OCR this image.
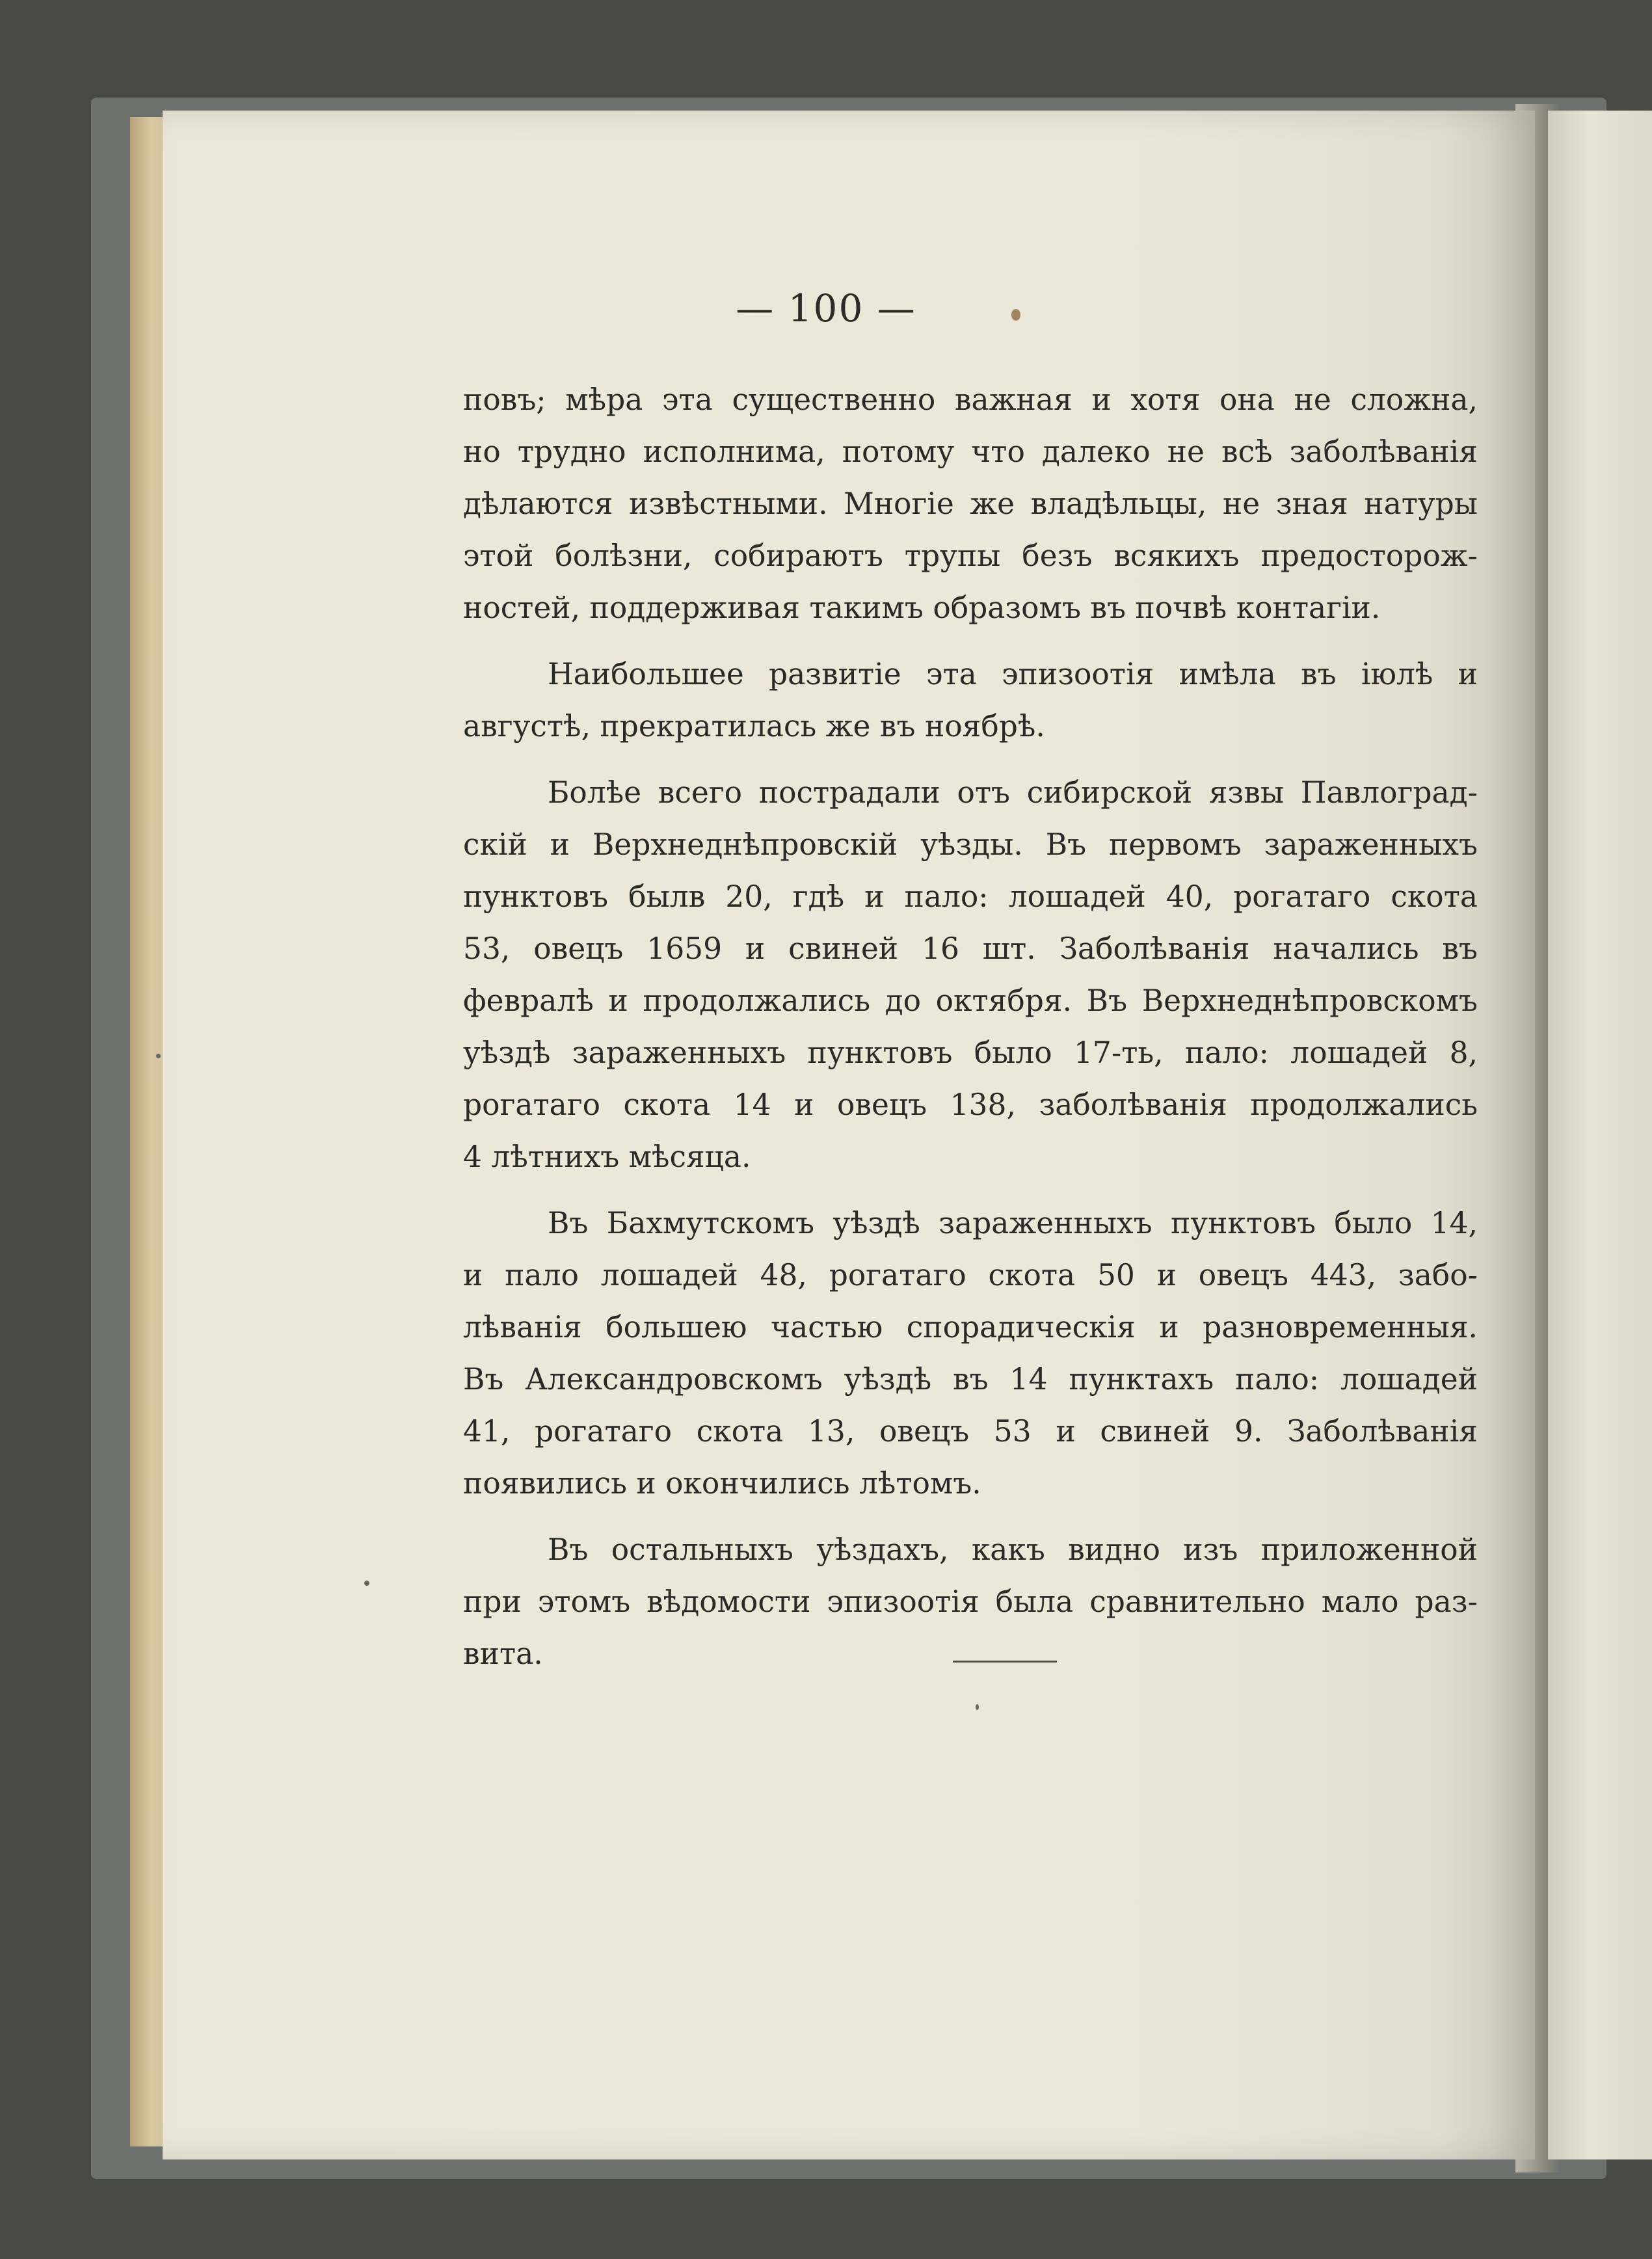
— 100 —

повъ; мѣра эта существенно важная и хотя она не сложна,
но трудно исполнима, потому что далеко не всѣ заболѣванія
дѣлаются извѣстными. Многіе же владѣльцы, не зная натуры
этой болѣзни, собираютъ трупы безъ всякихъ предосторож-
ностей, поддерживая такимъ образомъ въ почвѣ контагіи.

Наибольшее развитіе эта эпизоотія имѣла въ іюлѣ и
августѣ, прекратилась же въ ноябрѣ.

Болѣе всего пострадали отъ сибирской язвы Павлоград-
скій и Верхнеднѣпровскій уѣзды. Въ первомъ зараженныхъ
пунктовъ былв 20, гдѣ и пало: лошадей 40, рогатаго скота
53, овецъ 1659 и свиней 16 шт. Заболѣванія начались въ
февралѣ и продолжались до октября. Въ Верхнеднѣпровскомъ
уѣздѣ зараженныхъ пунктовъ было 17-ть, пало: лошадей 8,
рогатаго скота 14 и овецъ 138, заболѣванія продолжались
4 лѣтнихъ мѣсяца.

Въ Бахмутскомъ уѣздѣ зараженныхъ пунктовъ было 14,
и пало лошадей 48, рогатаго скота 50 и овецъ 443, забо-
лѣванія большею частью спорадическія и разновременныя.
Въ Александровскомъ уѣздѣ въ 14 пунктахъ пало: лошадей
41, рогатаго скота 13, овецъ 53 и свиней 9. Заболѣванія
появились и окончились лѣтомъ.

Въ остальныхъ уѣздахъ, какъ видно изъ приложенной
при этомъ вѣдомости эпизоотія была сравнительно мало раз-
вита.
